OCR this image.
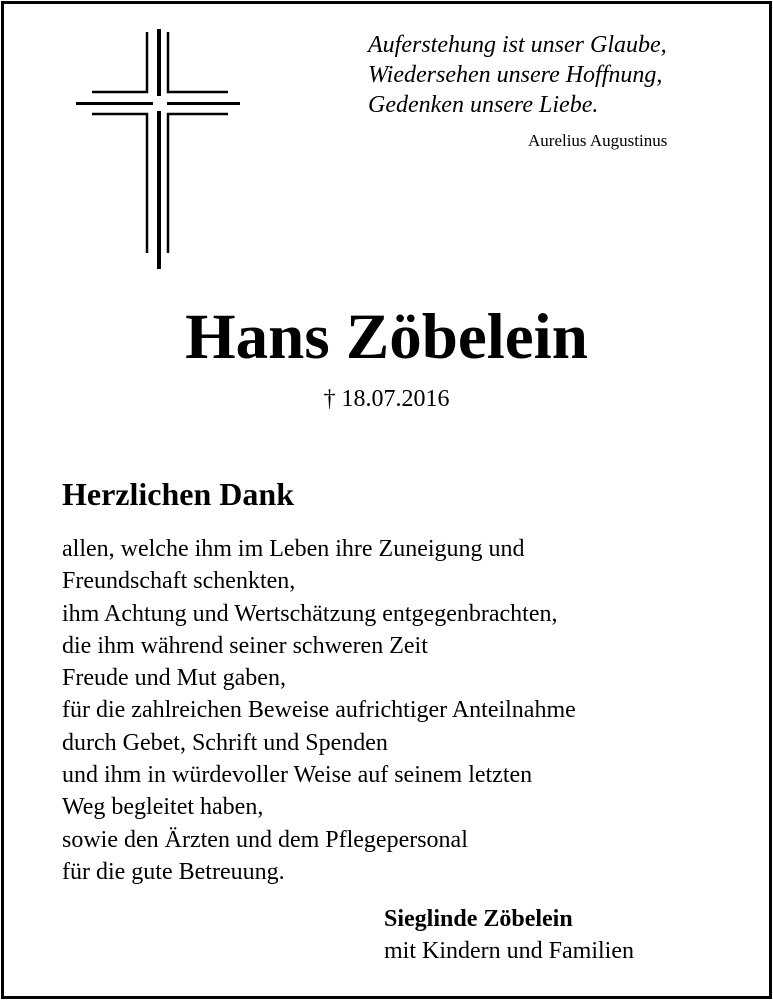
Auferstehung ist unser Glaube,
Wiedersehen unsere Hoffnung,
Gedenken unsere Liebe.
Aurelius Augustinus
Hans Zöbelein
† 18.07.2016
Herzlichen Dank
allen, welche ihm im Leben ihre Zuneigung und
Freundschaft schenkten,
ihm Achtung und Wertschätzung entgegenbrachten,
die ihm während seiner schweren Zeit
Freude und Mut gaben,
für die zahlreichen Beweise aufrichtiger Anteilnahme
durch Gebet, Schrift und Spenden
und ihm in würdevoller Weise auf seinem letzten
Weg begleitet haben,
sowie den Ärzten und dem Pflegepersonal
für die gute Betreuung.
Sieglinde Zöbelein
mit Kindern und Familien
